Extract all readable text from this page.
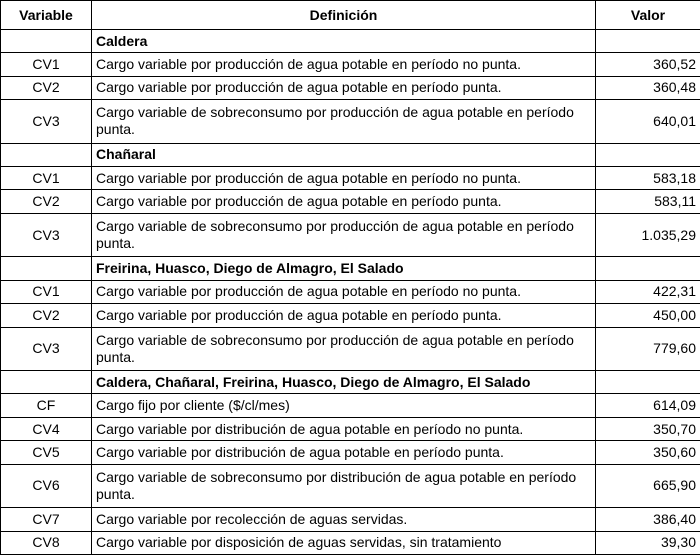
Variable	Definición	Valor
	Caldera	
CV1	Cargo variable por producción de agua potable en período no punta.	360,52
CV2	Cargo variable por producción de agua potable en período punta.	360,48
CV3	Cargo variable de sobreconsumo por producción de agua potable en período punta.	640,01
	Chañaral	
CV1	Cargo variable por producción de agua potable en período no punta.	583,18
CV2	Cargo variable por producción de agua potable en período punta.	583,11
CV3	Cargo variable de sobreconsumo por producción de agua potable en período punta.	1.035,29
	Freirina, Huasco, Diego de Almagro, El Salado	
CV1	Cargo variable por producción de agua potable en período no punta.	422,31
CV2	Cargo variable por producción de agua potable en período punta.	450,00
CV3	Cargo variable de sobreconsumo por producción de agua potable en período punta.	779,60
	Caldera, Chañaral, Freirina, Huasco, Diego de Almagro, El Salado	
CF	Cargo fijo por cliente ($/cl/mes)	614,09
CV4	Cargo variable por distribución de agua potable en período no punta.	350,70
CV5	Cargo variable por distribución de agua potable en período punta.	350,60
CV6	Cargo variable de sobreconsumo por distribución de agua potable en período punta.	665,90
CV7	Cargo variable por recolección de aguas servidas.	386,40
CV8	Cargo variable por disposición de aguas servidas, sin tratamiento	39,30
